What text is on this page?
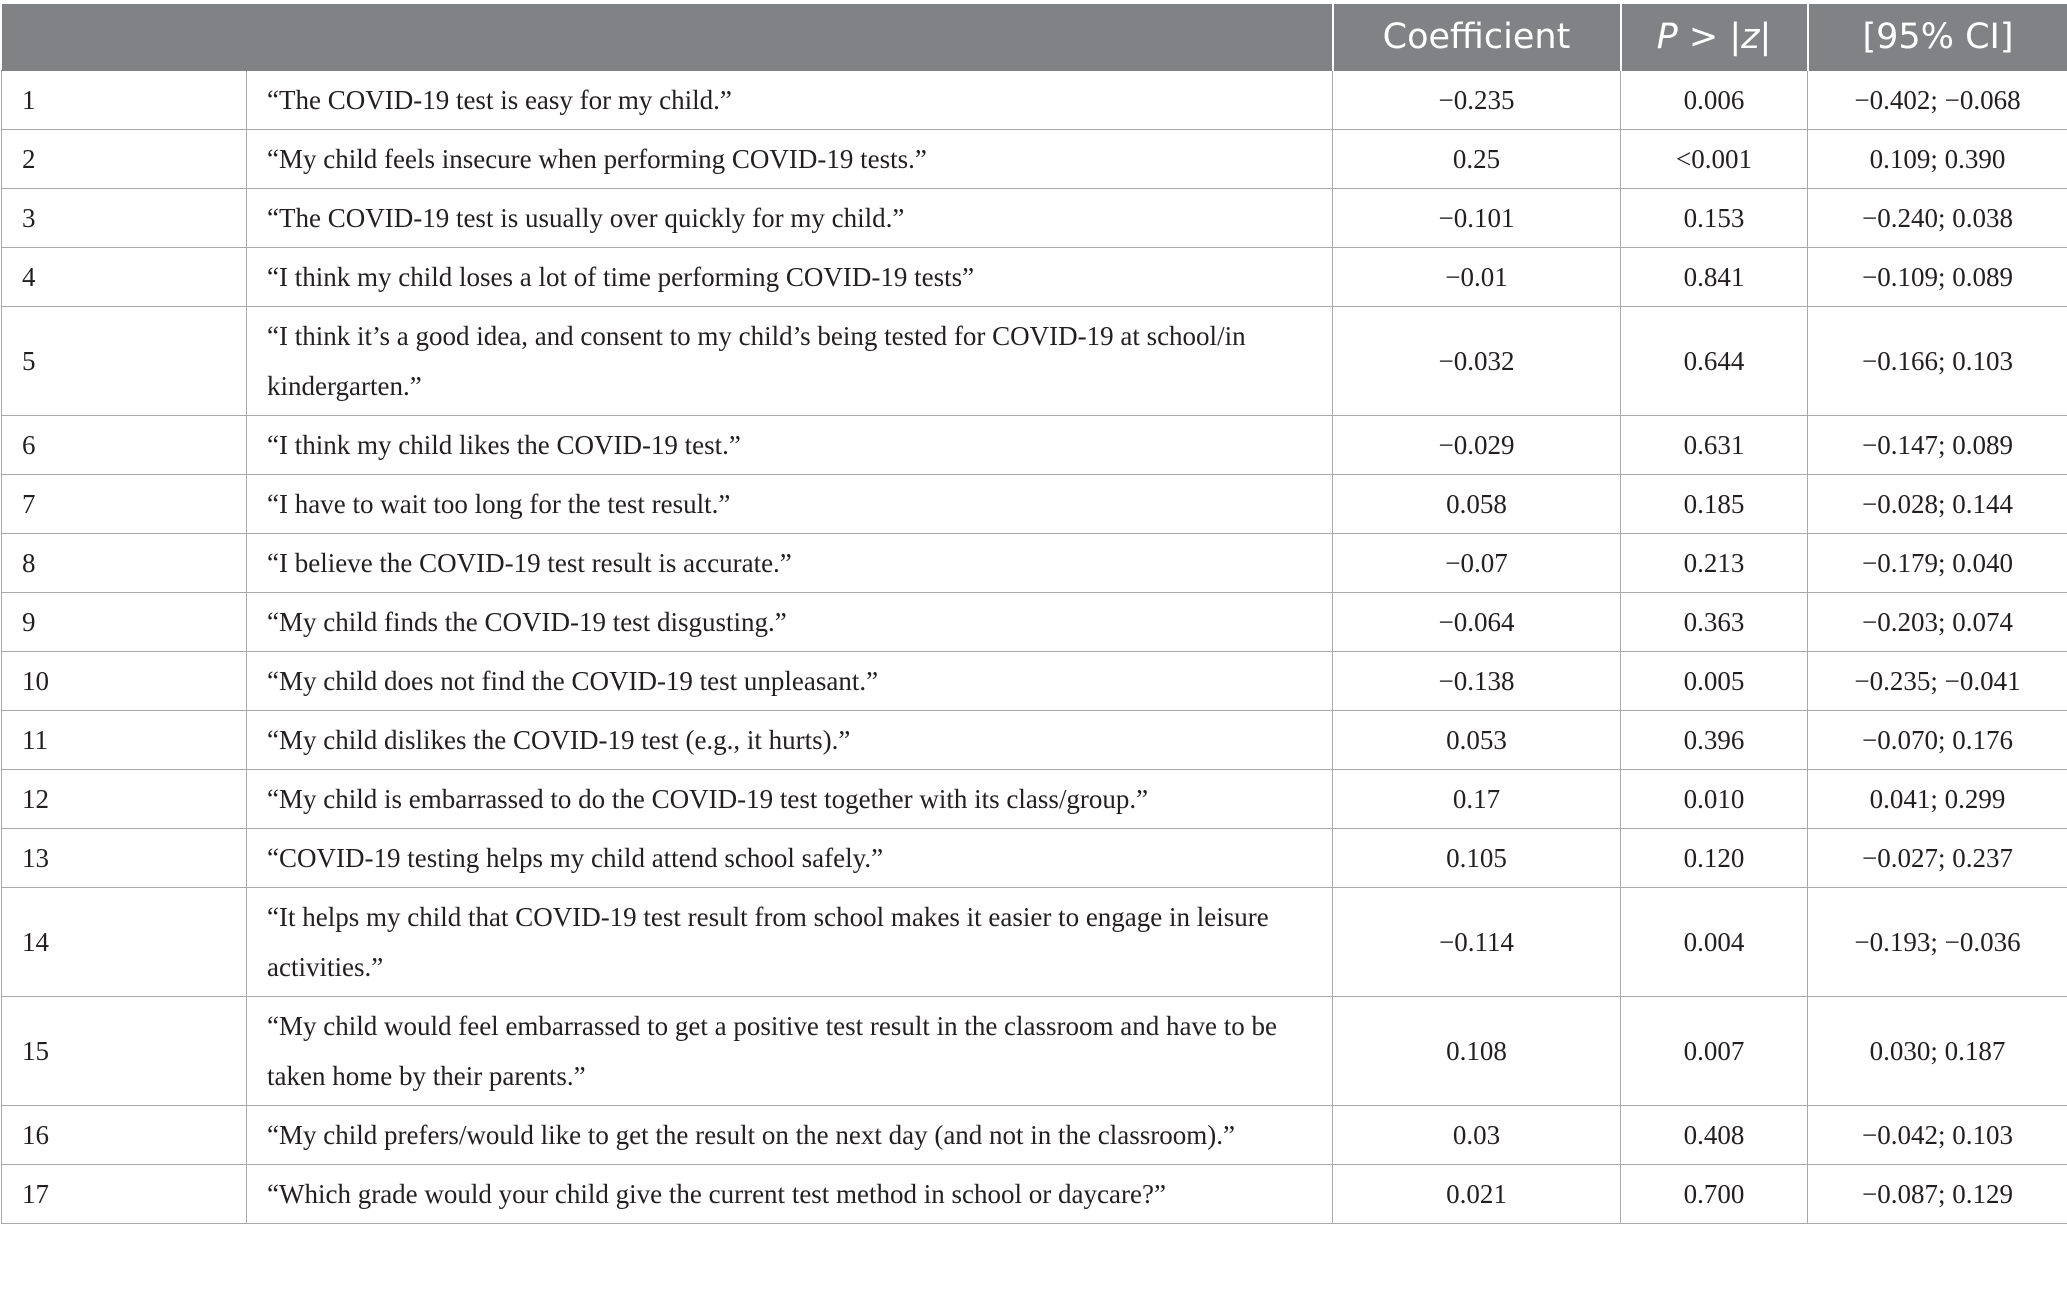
		Coefficient	P > |z|	[95% CI]
1	“The COVID-19 test is easy for my child.”	−0.235	0.006	−0.402; −0.068
2	“My child feels insecure when performing COVID-19 tests.”	0.25	<0.001	0.109; 0.390
3	“The COVID-19 test is usually over quickly for my child.”	−0.101	0.153	−0.240; 0.038
4	“I think my child loses a lot of time performing COVID-19 tests”	−0.01	0.841	−0.109; 0.089
5	“I think it’s a good idea, and consent to my child’s being tested for COVID-19 at school/in kindergarten.”	−0.032	0.644	−0.166; 0.103
6	“I think my child likes the COVID-19 test.”	−0.029	0.631	−0.147; 0.089
7	“I have to wait too long for the test result.”	0.058	0.185	−0.028; 0.144
8	“I believe the COVID-19 test result is accurate.”	−0.07	0.213	−0.179; 0.040
9	“My child finds the COVID-19 test disgusting.”	−0.064	0.363	−0.203; 0.074
10	“My child does not find the COVID-19 test unpleasant.”	−0.138	0.005	−0.235; −0.041
11	“My child dislikes the COVID-19 test (e.g., it hurts).”	0.053	0.396	−0.070; 0.176
12	“My child is embarrassed to do the COVID-19 test together with its class/group.”	0.17	0.010	0.041; 0.299
13	“COVID-19 testing helps my child attend school safely.”	0.105	0.120	−0.027; 0.237
14	“It helps my child that COVID-19 test result from school makes it easier to engage in leisure activities.”	−0.114	0.004	−0.193; −0.036
15	“My child would feel embarrassed to get a positive test result in the classroom and have to be taken home by their parents.”	0.108	0.007	0.030; 0.187
16	“My child prefers/would like to get the result on the next day (and not in the classroom).”	0.03	0.408	−0.042; 0.103
17	“Which grade would your child give the current test method in school or daycare?”	0.021	0.700	−0.087; 0.129
